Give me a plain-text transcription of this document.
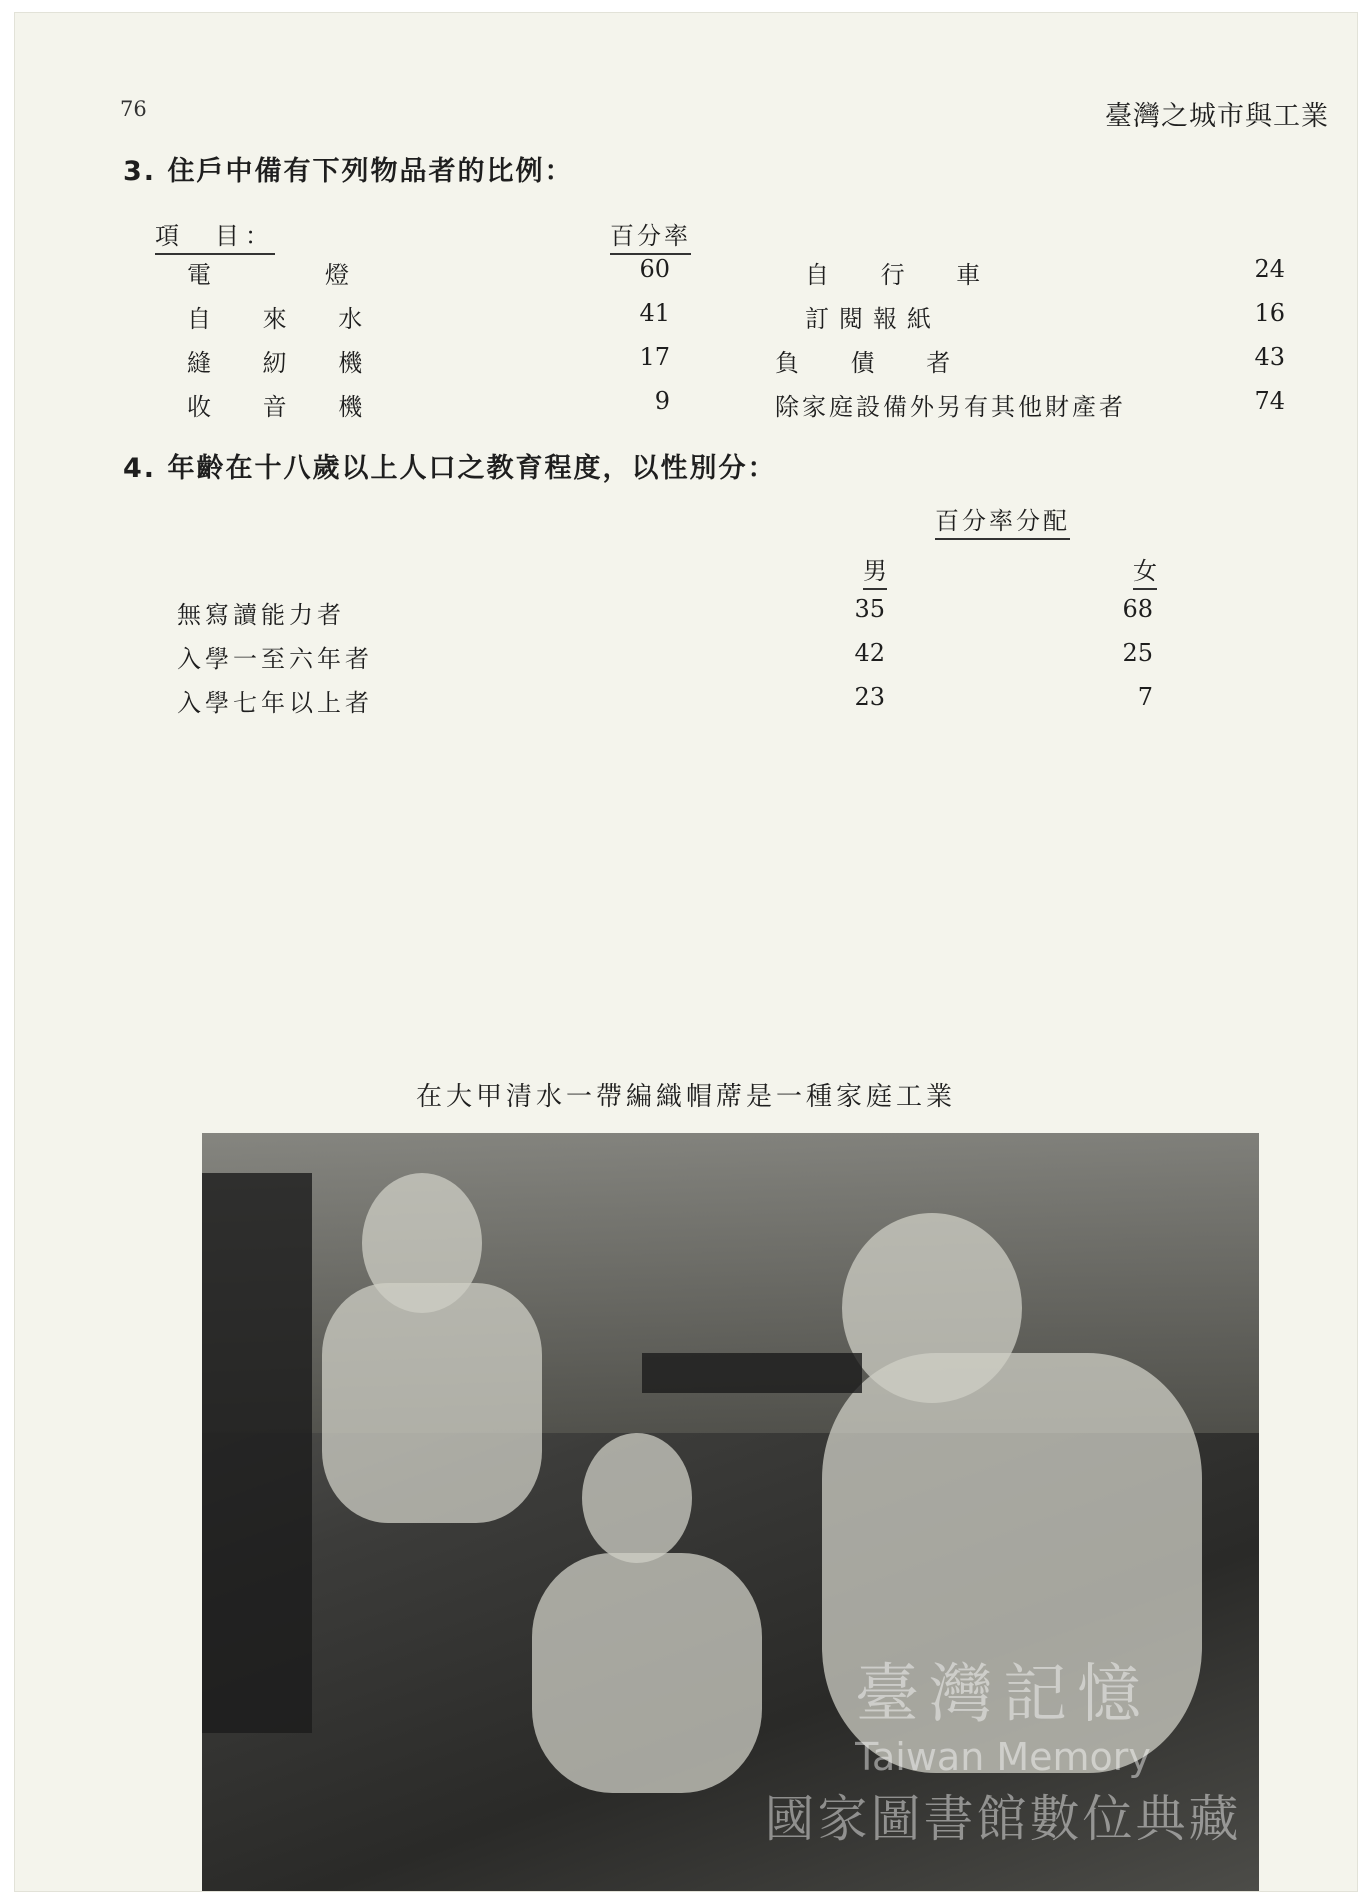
76	臺灣之城市與工業
3. 住戶中備有下列物品者的比例：
項　目：	百分率
電　　燈	60
自 來 水	41
縫 紉 機	17
收 音 機	9
自 行 車	24
訂閱報紙	16
負 債 者	43
除家庭設備外另有其他財產者	74
4. 年齡在十八歲以上人口之教育程度，以性別分：
百分率分配
男	女
無寫讀能力者	35	68
入學一至六年者	42	25
入學七年以上者	23	7
在大甲清水一帶編織帽蓆是一種家庭工業
臺灣記憶
Taiwan Memory
國家圖書館數位典藏
